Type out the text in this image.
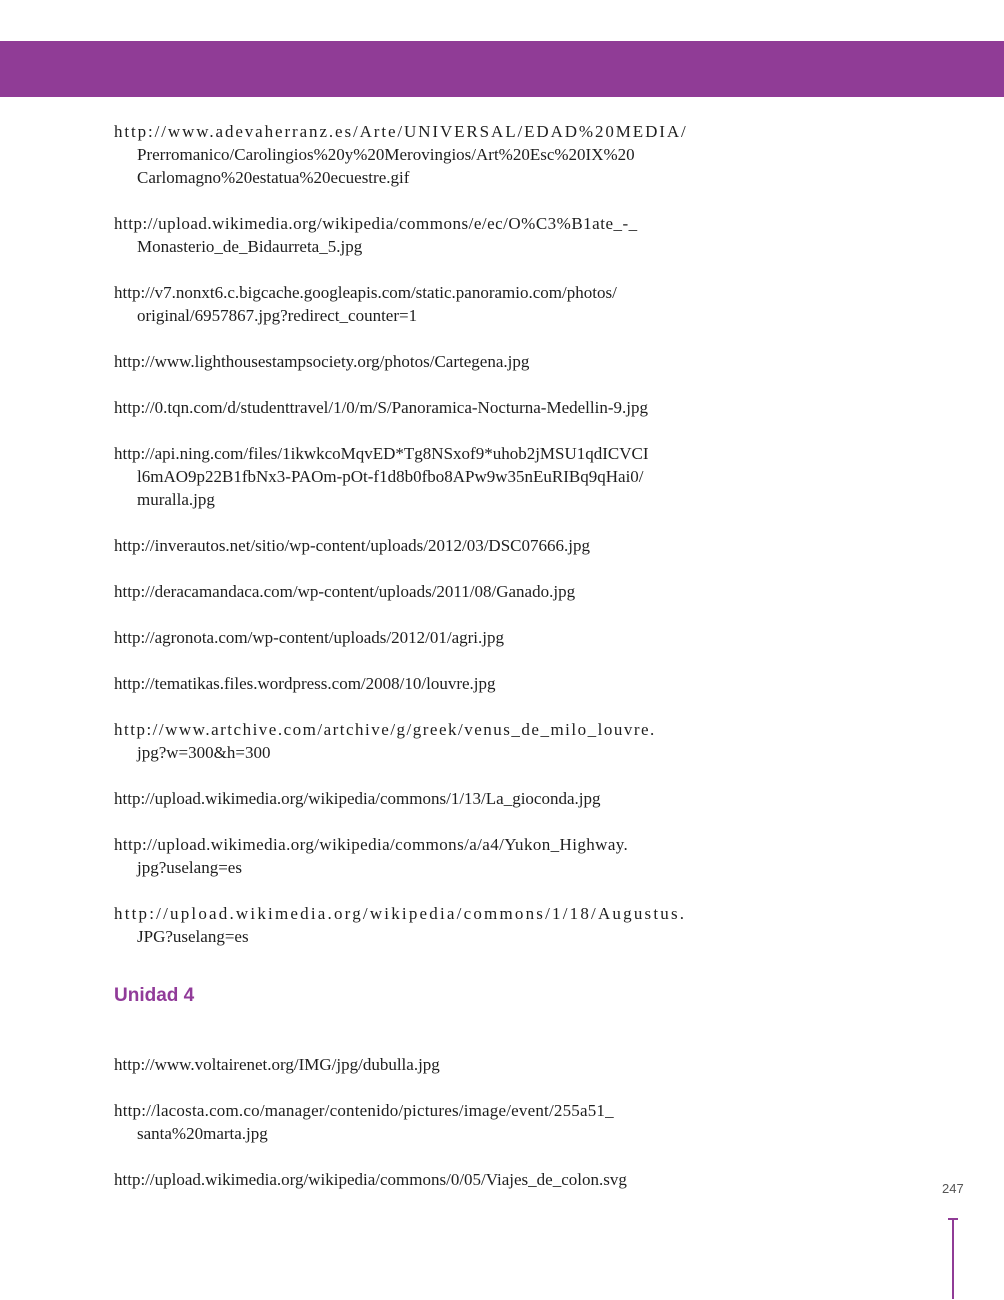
http://www.adevaherranz.es/Arte/UNIVERSAL/EDAD%20MEDIA/
Prerromanico/Carolingios%20y%20Merovingios/Art%20Esc%20IX%20
Carlomagno%20estatua%20ecuestre.gif

http://upload.wikimedia.org/wikipedia/commons/e/ec/O%C3%B1ate_-_
Monasterio_de_Bidaurreta_5.jpg

http://v7.nonxt6.c.bigcache.googleapis.com/static.panoramio.com/photos/
original/6957867.jpg?redirect_counter=1

http://www.lighthousestampsociety.org/photos/Cartegena.jpg

http://0.tqn.com/d/studenttravel/1/0/m/S/Panoramica-Nocturna-Medellin-9.jpg

http://api.ning.com/files/1ikwkcoMqvED*Tg8NSxof9*uhob2jMSU1qdICVCI
l6mAO9p22B1fbNx3-PAOm-pOt-f1d8b0fbo8APw9w35nEuRIBq9qHai0/
muralla.jpg

http://inverautos.net/sitio/wp-content/uploads/2012/03/DSC07666.jpg

http://deracamandaca.com/wp-content/uploads/2011/08/Ganado.jpg

http://agronota.com/wp-content/uploads/2012/01/agri.jpg

http://tematikas.files.wordpress.com/2008/10/louvre.jpg

http://www.artchive.com/artchive/g/greek/venus_de_milo_louvre.
jpg?w=300&h=300

http://upload.wikimedia.org/wikipedia/commons/1/13/La_gioconda.jpg

http://upload.wikimedia.org/wikipedia/commons/a/a4/Yukon_Highway.
jpg?uselang=es

http://upload.wikimedia.org/wikipedia/commons/1/18/Augustus.
JPG?uselang=es

Unidad 4

http://www.voltairenet.org/IMG/jpg/dubulla.jpg

http://lacosta.com.co/manager/contenido/pictures/image/event/255a51_
santa%20marta.jpg

http://upload.wikimedia.org/wikipedia/commons/0/05/Viajes_de_colon.svg	247
